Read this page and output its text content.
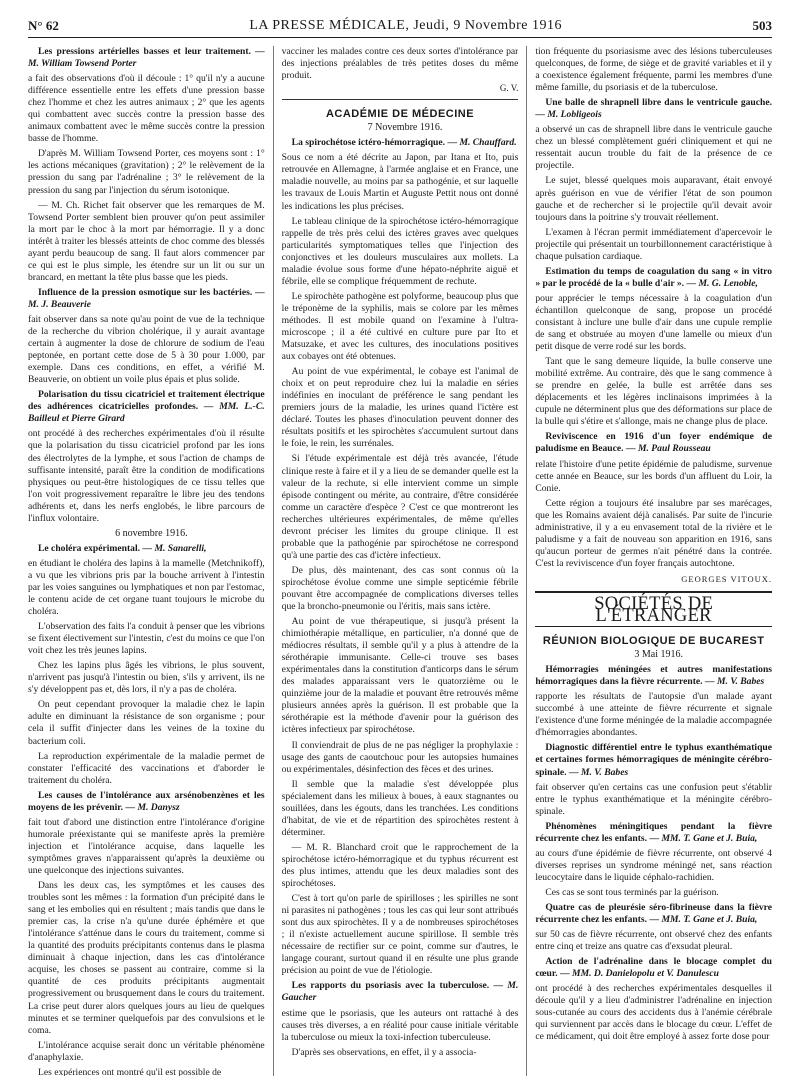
N° 62	LA PRESSE MÉDICALE, Jeudi, 9 Novembre 1916	503

Les pressions artérielles basses et leur traitement. — M. William Towsend Porter

a fait des observations d'où il découle : 1° qu'il n'y a aucune différence essentielle entre les effets d'une pression basse chez l'homme et chez les autres animaux ; 2° que les agents qui combattent avec succès contre la pression basse des animaux combattent avec le même succès contre la pression basse de l'homme.

D'après M. William Towsend Porter, ces moyens sont : 1° les actions mécaniques (gravitation) ; 2° le relèvement de la pression du sang par l'adrénaline ; 3° le relèvement de la pression du sang par l'injection du sérum isotonique.

— M. Ch. Richet fait observer que les remarques de M. Towsend Porter semblent bien prouver qu'on peut assimiler la mort par le choc à la mort par hémorragie. Il y a donc intérêt à traiter les blessés atteints de choc comme des blessés ayant perdu beaucoup de sang. Il faut alors commencer par ce qui est le plus simple, les étendre sur un lit ou sur un brancard, en mettant la tête plus basse que les pieds.

Influence de la pression osmotique sur les bactéries. — M. J. Beauverie

fait observer dans sa note qu'au point de vue de la technique de la recherche du vibrion cholérique, il y aurait avantage certain à augmenter la dose de chlorure de sodium de l'eau peptonée, en portant cette dose de 5 à 30 pour 1.000, par exemple. Dans ces conditions, en effet, a vérifié M. Beauverie, on obtient un voile plus épais et plus solide.

Polarisation du tissu cicatriciel et traitement électrique des adhérences cicatricielles profondes. — MM. L.-C. Bailleul et Pierre Girard

ont procédé à des recherches expérimentales d'où il résulte que la polarisation du tissu cicatriciel profond par les ions des électrolytes de la lymphe, et sous l'action de champs de suffisante intensité, paraît être la condition de modifications physiques ou peut-être histologiques de ce tissu telles que l'on voit progressivement reparaître le libre jeu des tendons adhérents et, dans les nerfs englobés, le libre parcours de l'influx volontaire.

6 novembre 1916.

Le choléra expérimental. — M. Sanarelli,

en étudiant le choléra des lapins à la mamelle (Metchnikoff), a vu que les vibrions pris par la bouche arrivent à l'intestin par les voies sanguines ou lymphatiques et non par l'estomac, le contenu acide de cet organe tuant toujours le microbe du choléra.

L'observation des faits l'a conduit à penser que les vibrions se fixent électivement sur l'intestin, c'est du moins ce que l'on voit chez les très jeunes lapins.

Chez les lapins plus âgés les vibrions, le plus souvent, n'arrivent pas jusqu'à l'intestin ou bien, s'ils y arrivent, ils ne s'y développent pas et, dès lors, il n'y a pas de choléra.

On peut cependant provoquer la maladie chez le lapin adulte en diminuant la résistance de son organisme ; pour cela il suffit d'injecter dans les veines de la toxine du bacterium coli.

La reproduction expérimentale de la maladie permet de constater l'efficacité des vaccinations et d'aborder le traitement du choléra.

Les causes de l'intolérance aux arsénobenzènes et les moyens de les prévenir. — M. Danysz

fait tout d'abord une distinction entre l'intolérance d'origine humorale préexistante qui se manifeste après la première injection et l'intolérance acquise, dans laquelle les symptômes graves n'apparaissent qu'après la deuxième ou une quelconque des injections suivantes.

Dans les deux cas, les symptômes et les causes des troubles sont les mêmes : la formation d'un précipité dans le sang et les embolies qui en résultent ; mais tandis que dans le premier cas, la crise n'a qu'une durée éphémère et que l'intolérance s'atténue dans le cours du traitement, comme si la quantité des produits précipitants contenus dans le plasma diminuait à chaque injection, dans les cas d'intolérance acquise, les choses se passent au contraire, comme si la quantité de ces produits précipitants augmentait progressivement ou brusquement dans le cours du traitement. La crise peut durer alors quelques jours au lieu de quelques minutes et se terminer quelquefois par des convulsions et le coma.

L'intolérance acquise serait donc un véritable phénomène d'anaphylaxie.

Les expériences ont montré qu'il est possible de

vacciner les malades contre ces deux sortes d'intolérance par des injections préalables de très petites doses du même produit.

G. V.
ACADÉMIE DE MÉDECINE

7 Novembre 1916.

La spirochétose ictéro-hémorragique. — M. Chauffard.

Sous ce nom a été décrite au Japon, par Itana et Ito, puis retrouvée en Allemagne, à l'armée anglaise et en France, une maladie nouvelle, au moins par sa pathogénie, et sur laquelle les travaux de Louis Martin et Auguste Pettit nous ont donné les indications les plus précises.

Le tableau clinique de la spirochétose ictéro-hémorragique rappelle de très près celui des ictères graves avec quelques particularités symptomatiques telles que l'injection des conjonctives et les douleurs musculaires aux mollets. La maladie évolue sous forme d'une hépato-néphrite aiguë et fébrile, elle se complique fréquemment de rechute.

Le spirochète pathogène est polyforme, beaucoup plus que le tréponème de la syphilis, mais se colore par les mêmes méthodes. Il est mobile quand on l'examine à l'ultra-microscope ; il a été cultivé en culture pure par Ito et Matsuzake, et avec les cultures, des inoculations positives aux cobayes ont été obtenues.

Au point de vue expérimental, le cobaye est l'animal de choix et on peut reproduire chez lui la maladie en séries indéfinies en inoculant de préférence le sang pendant les premiers jours de la maladie, les urines quand l'ictère est déclaré. Toutes les phases d'inoculation peuvent donner des résultats positifs et les spirochètes s'accumulent surtout dans le foie, le rein, les surrénales.

Si l'étude expérimentale est déjà très avancée, l'étude clinique reste à faire et il y a lieu de se demander quelle est la valeur de la rechute, si elle intervient comme un simple épisode contingent ou mérite, au contraire, d'être considérée comme un caractère d'espèce ? C'est ce que montreront les recherches ultérieures expérimentales, de même qu'elles devront préciser les limites du groupe clinique. Il est probable que la pathogénie par spirochétose ne correspond qu'à une partie des cas d'ictère infectieux.

De plus, dès maintenant, des cas sont connus où la spirochétose évolue comme une simple septicémie fébrile pouvant être accompagnée de complications diverses telles que la broncho-pneumonie ou l'éritis, mais sans ictère.

Au point de vue thérapeutique, si jusqu'à présent la chimiothérapie métallique, en particulier, n'a donné que de médiocres résultats, il semble qu'il y a plus à attendre de la sérothérapie immunisante. Celle-ci trouve ses bases expérimentales dans la constitution d'anticorps dans le sérum des malades apparaissant vers le quatorzième ou le quinzième jour de la maladie et pouvant être retrouvés même plusieurs années après la guérison. Il est probable que la sérothérapie est la méthode d'avenir pour la guérison des ictères infectieux par spirochétose.

Il conviendrait de plus de ne pas négliger la prophylaxie : usage des gants de caoutchouc pour les autopsies humaines ou expérimentales, désinfection des fèces et des urines.

Il semble que la maladie s'est développée plus spécialement dans les milieux à boues, à eaux stagnantes ou souillées, dans les égouts, dans les tranchées. Les conditions d'habitat, de vie et de répartition des spirochètes restent à déterminer.

— M. R. Blanchard croit que le rapprochement de la spirochétose ictéro-hémorragique et du typhus récurrent est des plus intimes, attendu que les deux maladies sont des spirochétoses.

C'est à tort qu'on parle de spirilloses ; les spirilles ne sont ni parasites ni pathogènes ; tous les cas qui leur sont attribués sont dus aux spirochètes. Il y a de nombreuses spirochétoses ; il n'existe actuellement aucune spirillose. Il semble très nécessaire de rectifier sur ce point, comme sur d'autres, le langage courant, surtout quand il en résulte une plus grande précision au point de vue de l'étiologie.

Les rapports du psoriasis avec la tuberculose. — M. Gaucher

estime que le psoriasis, que les auteurs ont rattaché à des causes très diverses, a en réalité pour cause initiale véritable la tuberculose ou mieux la toxi-infection tuberculeuse.

D'après ses observations, en effet, il y a associa-

tion fréquente du psoriasisme avec des lésions tuberculeuses quelconques, de forme, de siège et de gravité variables et il y a coexistence également fréquente, parmi les membres d'une même famille, du psoriasis et de la tuberculose.

Une balle de shrapnell libre dans le ventricule gauche. — M. Lobligeois

a observé un cas de shrapnell libre dans le ventricule gauche chez un blessé complètement guéri cliniquement et qui ne ressentait aucun trouble du fait de la présence de ce projectile.

Le sujet, blessé quelques mois auparavant, était envoyé après guérison en vue de vérifier l'état de son poumon gauche et de rechercher si le projectile qu'il devait avoir toujours dans la poitrine s'y trouvait réellement.

L'examen à l'écran permit immédiatement d'apercevoir le projectile qui présentait un tourbillonnement caractéristique à chaque pulsation cardiaque.

Estimation du temps de coagulation du sang « in vitro » par le procédé de la « bulle d'air ». — M. G. Lenoble,

pour apprécier le temps nécessaire à la coagulation d'un échantillon quelconque de sang, propose un procédé consistant à inclure une bulle d'air dans une cupule remplie de sang et obstruée au moyen d'une lamelle ou mieux d'un petit disque de verre rodé sur les bords.

Tant que le sang demeure liquide, la bulle conserve une mobilité extrême. Au contraire, dès que le sang commence à se prendre en gelée, la bulle est arrêtée dans ses déplacements et les légères inclinaisons imprimées à la cupule ne déterminent plus que des déformations sur place de la bulle qui s'étire et s'allonge, mais ne change plus de place.

Reviviscence en 1916 d'un foyer endémique de paludisme en Beauce. — M. Paul Rousseau

relate l'histoire d'une petite épidémie de paludisme, survenue cette année en Beauce, sur les bords d'un affluent du Loir, la Conie.

Cette région a toujours été insalubre par ses marécages, que les Romains avaient déjà canalisés. Par suite de l'incurie administrative, il y a eu envasement total de la rivière et le paludisme y a fait de nouveau son apparition en 1916, sans qu'aucun porteur de germes n'ait pénétré dans la contrée. C'est la reviviscence d'un foyer français autochtone.

GEORGES VITOUX.
SOCIÉTÉS DE L'ÉTRANGER
RÉUNION BIOLOGIQUE DE BUCAREST

3 Mai 1916.

Hémorragies méningées et autres manifestations hémorragiques dans la fièvre récurrente. — M. V. Babes

rapporte les résultats de l'autopsie d'un malade ayant succombé à une atteinte de fièvre récurrente et signale l'existence d'une forme méningée de la maladie accompagnée d'hémorragies abondantes.

Diagnostic différentiel entre le typhus exanthématique et certaines formes hémorragiques de méningite cérébro-spinale. — M. V. Babes

fait observer qu'en certains cas une confusion peut s'établir entre le typhus exanthématique et la méningite cérébro-spinale.

Phénomènes méningitiques pendant la fièvre récurrente chez les enfants. — MM. T. Gane et J. Buia,

au cours d'une épidémie de fièvre récurrente, ont observé 4 diverses reprises un syndrome méningé net, sans réaction leucocytaire dans le liquide céphalo-rachidien.

Ces cas se sont tous terminés par la guérison.

Quatre cas de pleurésie séro-fibrineuse dans la fièvre récurrente chez les enfants. — MM. T. Gane et J. Buia,

sur 50 cas de fièvre récurrente, ont observé chez des enfants entre cinq et treize ans quatre cas d'exsudat pleural.

Action de l'adrénaline dans le blocage complet du cœur. — MM. D. Danielopolu et V. Danulescu

ont procédé à des recherches expérimentales desquelles il découle qu'il y a lieu d'administrer l'adrénaline en injection sous-cutanée au cours des accidents dus à l'anémie cérébrale qui surviennent par accès dans le blocage du cœur. L'effet de ce médicament, qui doit être employé à assez forte dose pour
